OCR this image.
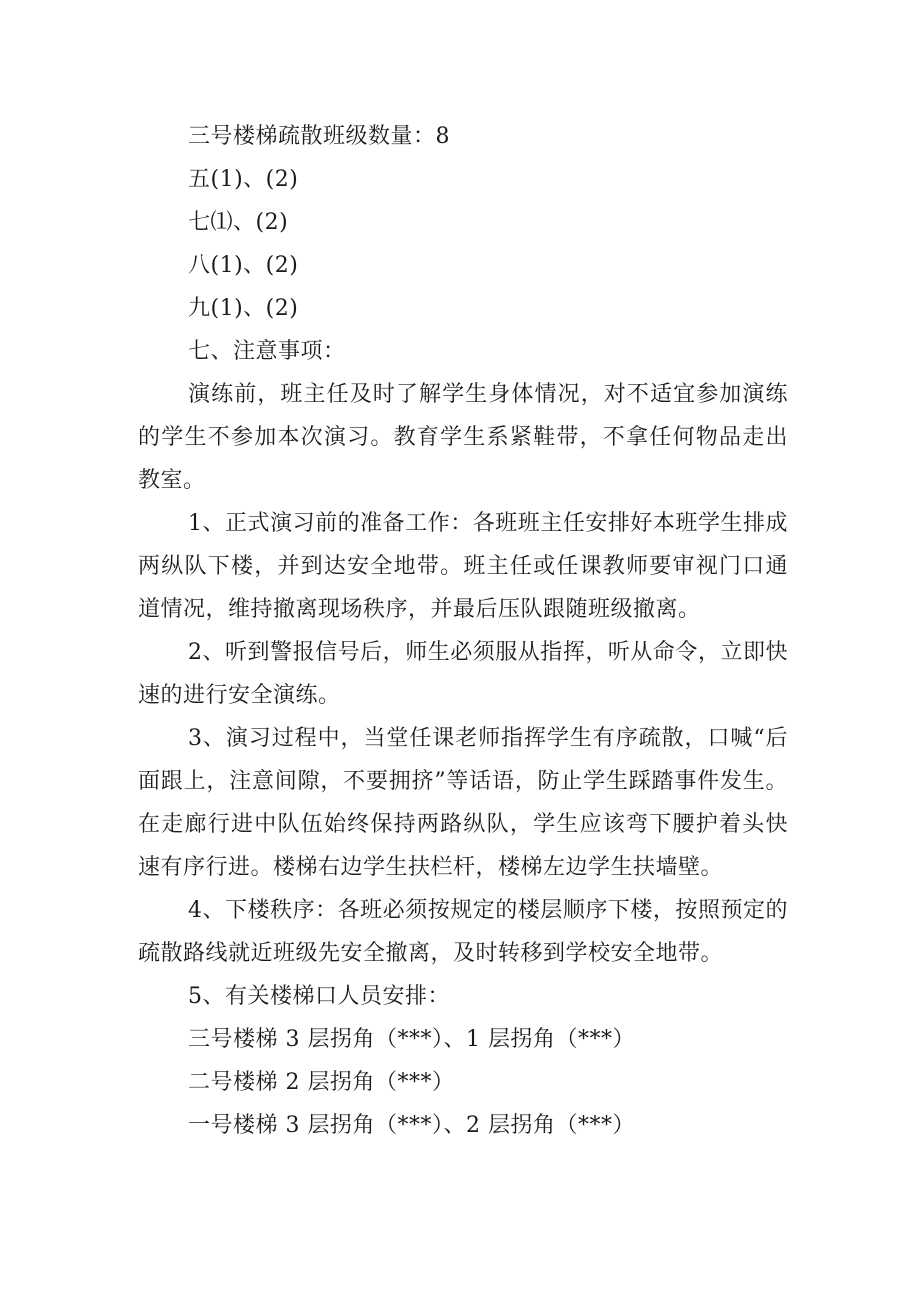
三号楼梯疏散班级数量：8
五(1)、(2)
七⑴、(2)
八(1)、(2)
九(1)、(2)
七、注意事项：

演练前，班主任及时了解学生身体情况，对不适宜参加演练的学生不参加本次演习。教育学生系紧鞋带，不拿任何物品走出教室。

1、正式演习前的准备工作：各班班主任安排好本班学生排成两纵队下楼，并到达安全地带。班主任或任课教师要审视门口通道情况，维持撤离现场秩序，并最后压队跟随班级撤离。

2、听到警报信号后，师生必须服从指挥，听从命令，立即快速的进行安全演练。

3、演习过程中，当堂任课老师指挥学生有序疏散，口喊“后面跟上，注意间隙，不要拥挤”等话语，防止学生踩踏事件发生。在走廊行进中队伍始终保持两路纵队，学生应该弯下腰护着头快速有序行进。楼梯右边学生扶栏杆，楼梯左边学生扶墙壁。

4、下楼秩序：各班必须按规定的楼层顺序下楼，按照预定的疏散路线就近班级先安全撤离，及时转移到学校安全地带。

5、有关楼梯口人员安排：
三号楼梯 3 层拐角（***）、1 层拐角（***）
二号楼梯 2 层拐角（***）
一号楼梯 3 层拐角（***）、2 层拐角（***）
